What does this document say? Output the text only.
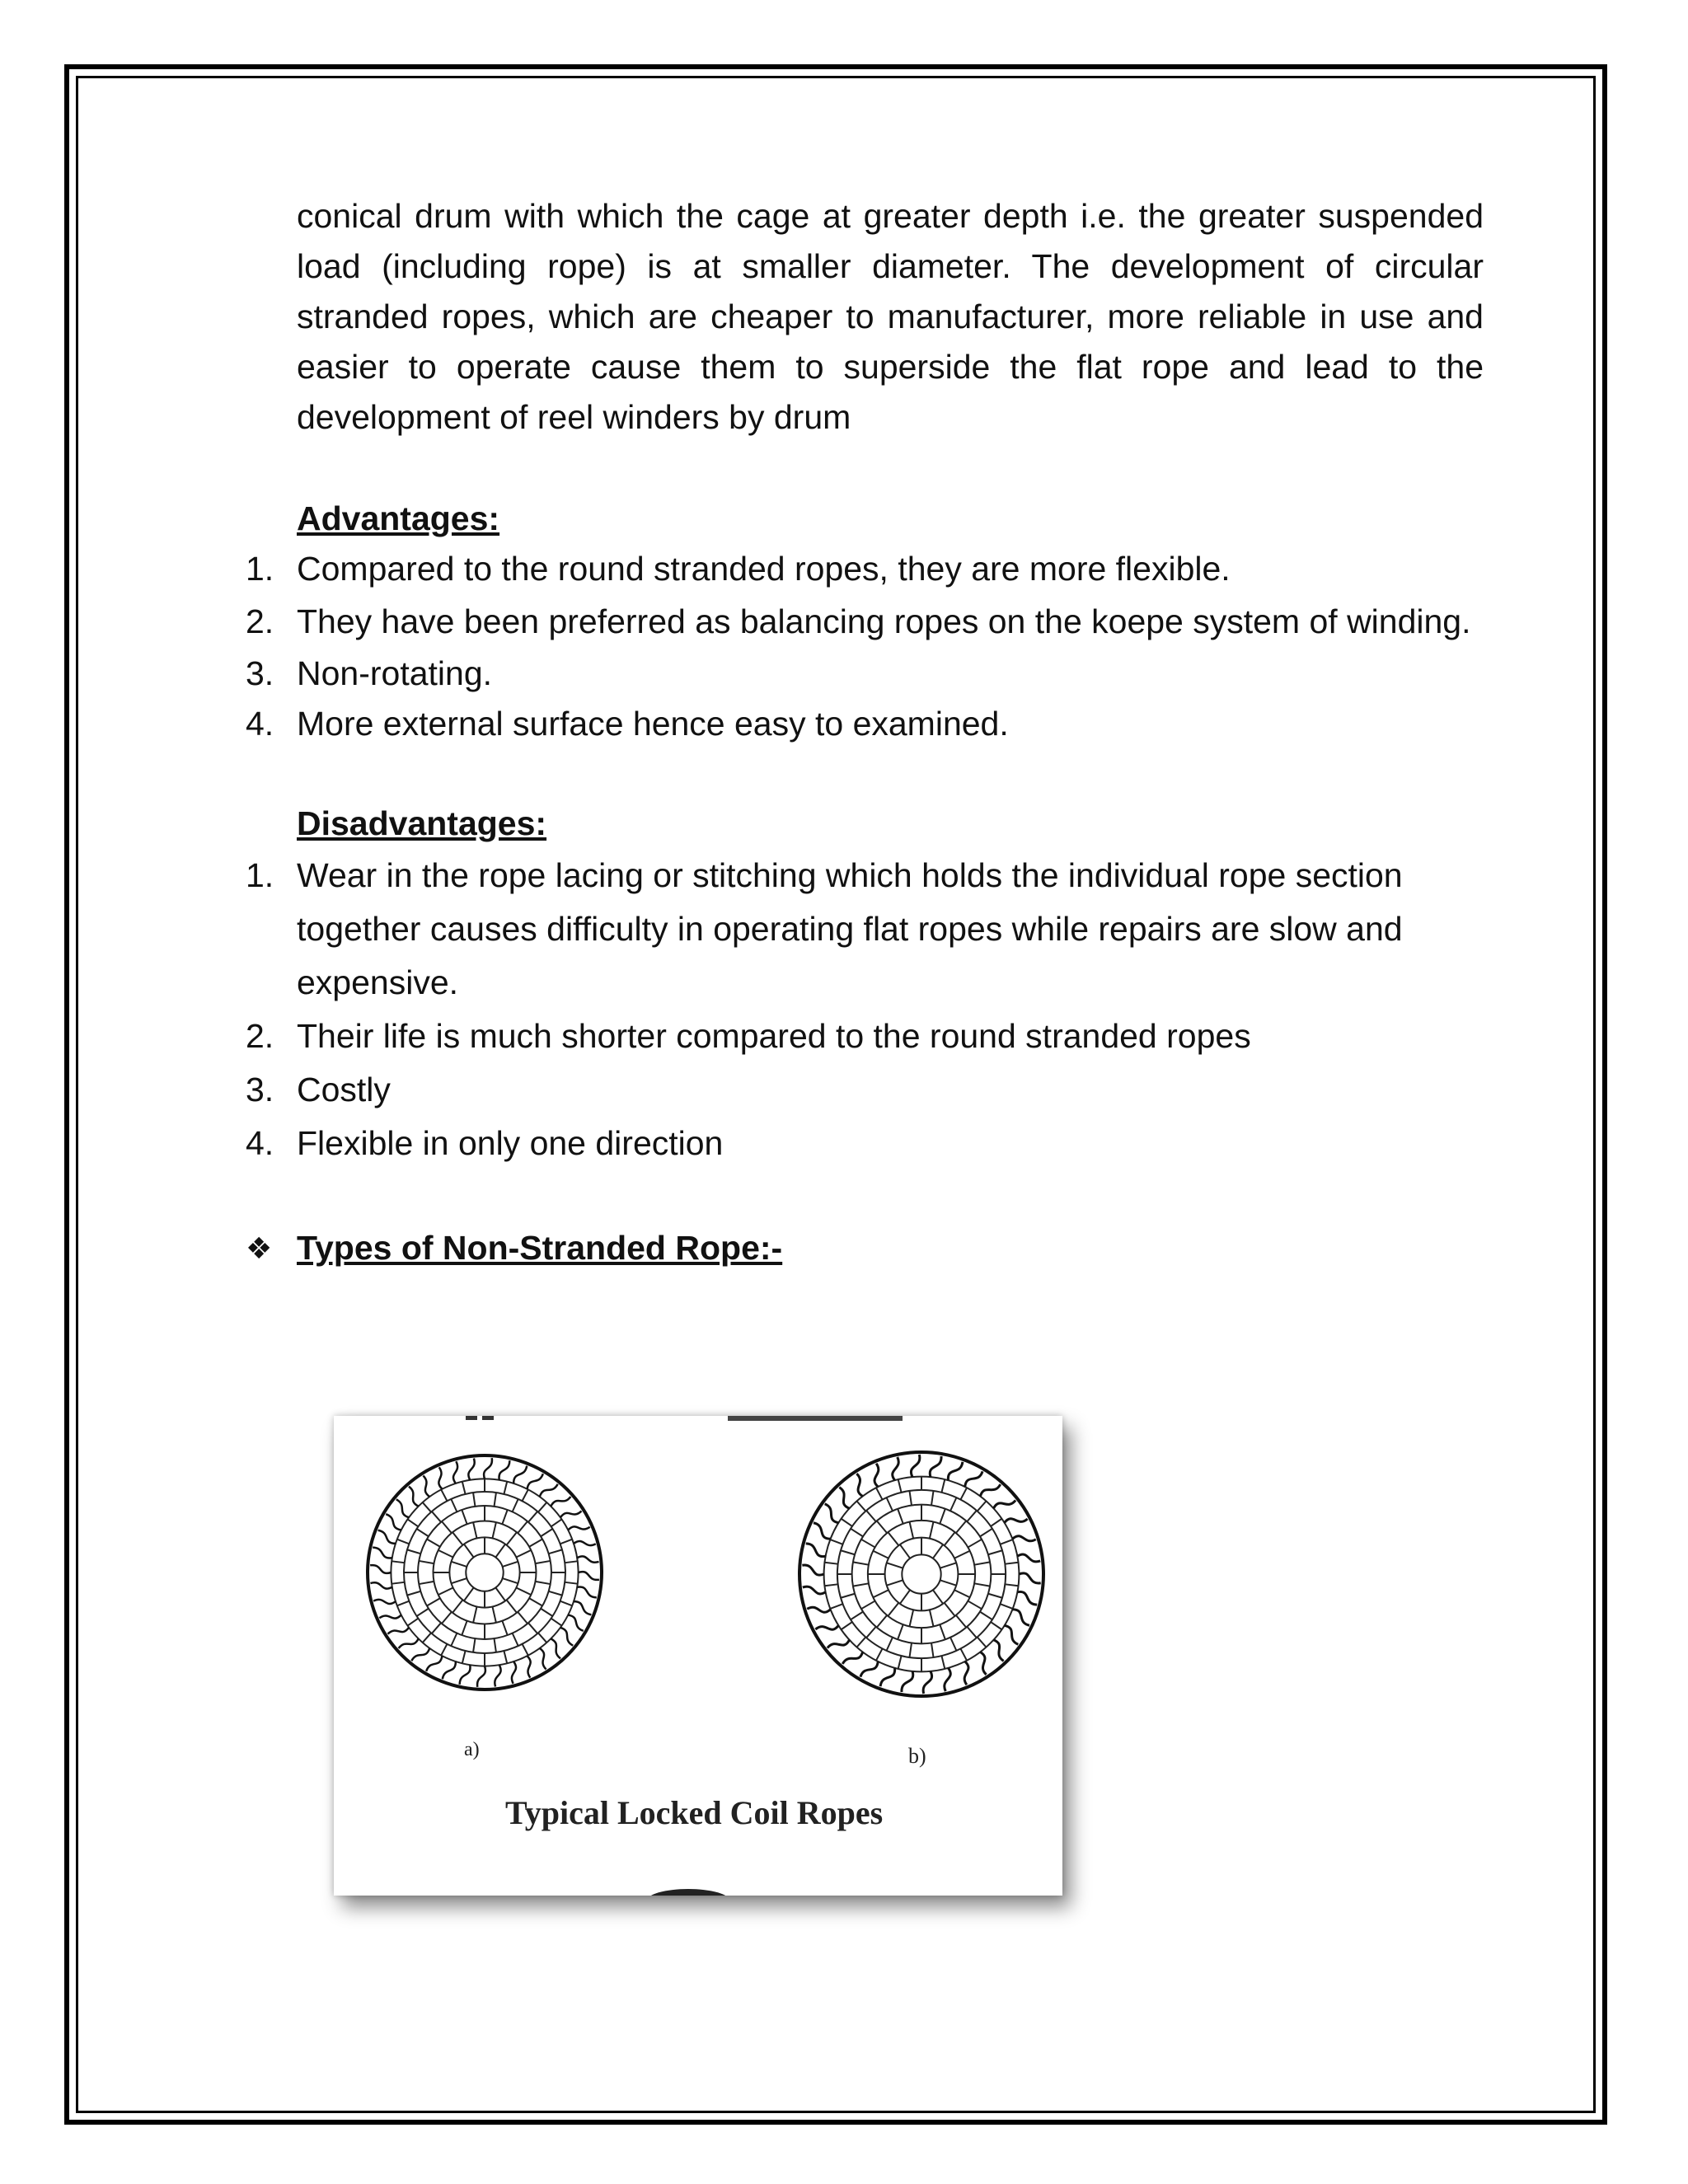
conical drum with which the cage at greater depth i.e. the greater suspended load (including rope) is at smaller diameter. The development of circular stranded ropes, which are cheaper to manufacturer, more reliable in use and easier to operate cause them to superside the flat rope and lead to the development of reel winders by drum

Advantages:

1. Compared to the round stranded ropes, they are more flexible.
2. They have been preferred as balancing ropes on the koepe system of winding.
3. Non-rotating.
4. More external surface hence easy to examined.

Disadvantages:

1. Wear in the rope lacing or stitching which holds the individual rope section together causes difficulty in operating flat ropes while repairs are slow and expensive.
2. Their life is much shorter compared to the round stranded ropes
3. Costly
4. Flexible in only one direction

❖ Types of Non-Stranded Rope:-

a)	b)
Typical Locked Coil Ropes
